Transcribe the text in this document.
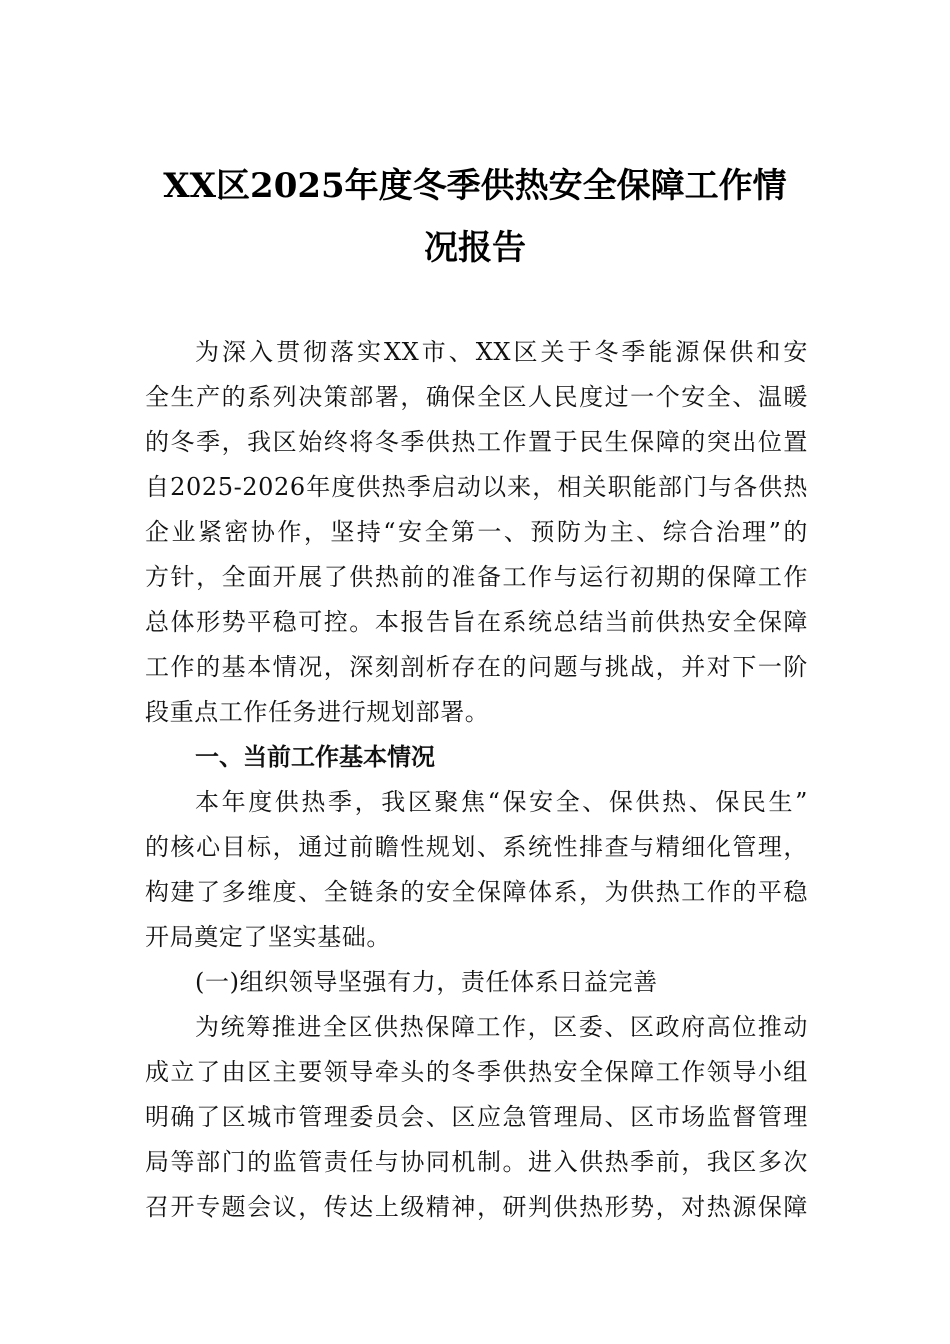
XX区2025年度冬季供热安全保障工作情
况报告
为深入贯彻落实XX市、XX区关于冬季能源保供和安
全生产的系列决策部署，确保全区人民度过一个安全、温暖
的冬季，我区始终将冬季供热工作置于民生保障的突出位置
自2025-2026年度供热季启动以来，相关职能部门与各供热
企业紧密协作，坚持“安全第一、预防为主、综合治理”的
方针，全面开展了供热前的准备工作与运行初期的保障工作
总体形势平稳可控。本报告旨在系统总结当前供热安全保障
工作的基本情况，深刻剖析存在的问题与挑战，并对下一阶
段重点工作任务进行规划部署。
一、当前工作基本情况
本年度供热季，我区聚焦“保安全、保供热、保民生”
的核心目标，通过前瞻性规划、系统性排查与精细化管理，
构建了多维度、全链条的安全保障体系，为供热工作的平稳
开局奠定了坚实基础。
(一)组织领导坚强有力，责任体系日益完善
为统筹推进全区供热保障工作，区委、区政府高位推动
成立了由区主要领导牵头的冬季供热安全保障工作领导小组
明确了区城市管理委员会、区应急管理局、区市场监督管理
局等部门的监管责任与协同机制。进入供热季前，我区多次
召开专题会议，传达上级精神，研判供热形势，对热源保障
